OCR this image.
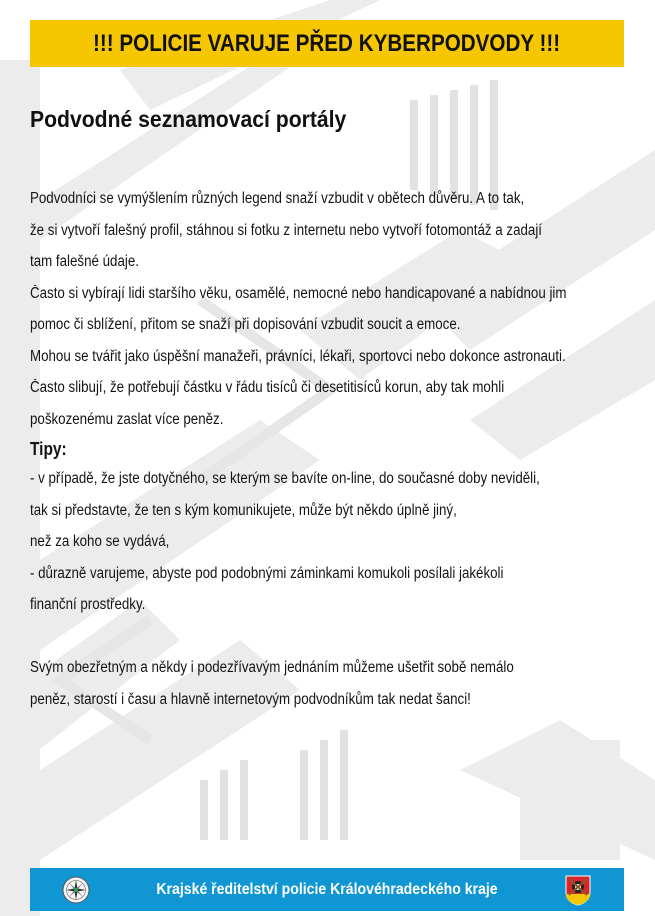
!!! POLICIE VARUJE PŘED KYBERPODVODY !!!
Podvodné seznamovací portály
Podvodníci se vymýšlením různých legend snaží vzbudit v obětech důvěru. A to tak,
že si vytvoří falešný profil, stáhnou si fotku z internetu nebo vytvoří fotomontáž a zadají
tam falešné údaje.
Často si vybírají lidi staršího věku, osamělé, nemocné nebo handicapované a nabídnou jim
pomoc či sblížení, přitom se snaží při dopisování vzbudit soucit a emoce.
Mohou se tvářit jako úspěšní manažeři, právníci, lékaři, sportovci nebo dokonce astronauti.
Často slibují, že potřebují částku v řádu tisíců či desetitisíců korun, aby tak mohli
poškozenému zaslat více peněz.
Tipy:
- v případě, že jste dotyčného, se kterým se bavíte on-line, do současné doby neviděli,
tak si představte, že ten s kým komunikujete, může být někdo úplně jiný,
než za koho se vydává,
- důrazně varujeme, abyste pod podobnými záminkami komukoli posílali jakékoli
finanční prostředky.
Svým obezřetným a někdy i podezřívavým jednáním můžeme ušetřit sobě nemálo
peněz, starostí i času a hlavně internetovým podvodníkům tak nedat šanci!
Krajské ředitelství policie Královéhradeckého kraje
